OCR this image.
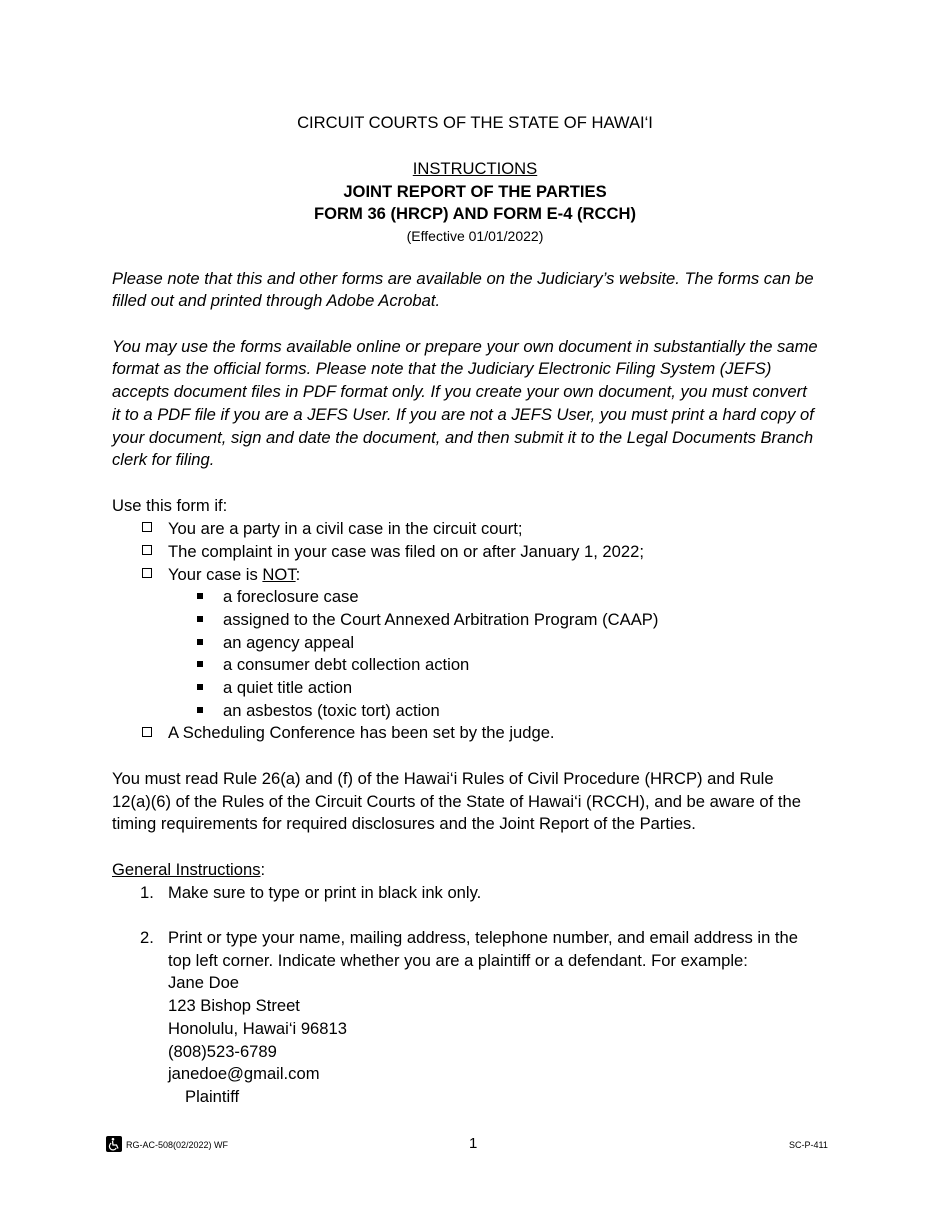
CIRCUIT COURTS OF THE STATE OF HAWAI‘I
INSTRUCTIONS
JOINT REPORT OF THE PARTIES
FORM 36 (HRCP) AND FORM E-4 (RCCH)
(Effective 01/01/2022)
Please note that this and other forms are available on the Judiciary’s website. The forms can be
filled out and printed through Adobe Acrobat.
You may use the forms available online or prepare your own document in substantially the same
format as the official forms. Please note that the Judiciary Electronic Filing System (JEFS)
accepts document files in PDF format only. If you create your own document, you must convert
it to a PDF file if you are a JEFS User. If you are not a JEFS User, you must print a hard copy of
your document, sign and date the document, and then submit it to the Legal Documents Branch
clerk for filing.
Use this form if:
You are a party in a civil case in the circuit court;
The complaint in your case was filed on or after January 1, 2022;
Your case is NOT:
a foreclosure case
assigned to the Court Annexed Arbitration Program (CAAP)
an agency appeal
a consumer debt collection action
a quiet title action
an asbestos (toxic tort) action
A Scheduling Conference has been set by the judge.
You must read Rule 26(a) and (f) of the Hawai‘i Rules of Civil Procedure (HRCP) and Rule
12(a)(6) of the Rules of the Circuit Courts of the State of Hawai‘i (RCCH), and be aware of the
timing requirements for required disclosures and the Joint Report of the Parties.
General Instructions:
1. Make sure to type or print in black ink only.
2. Print or type your name, mailing address, telephone number, and email address in the
top left corner. Indicate whether you are a plaintiff or a defendant. For example:
Jane Doe
123 Bishop Street
Honolulu, Hawai‘i 96813
(808)523-6789
janedoe@gmail.com
Plaintiff
RG-AC-508(02/2022) WF	1	SC-P-411
